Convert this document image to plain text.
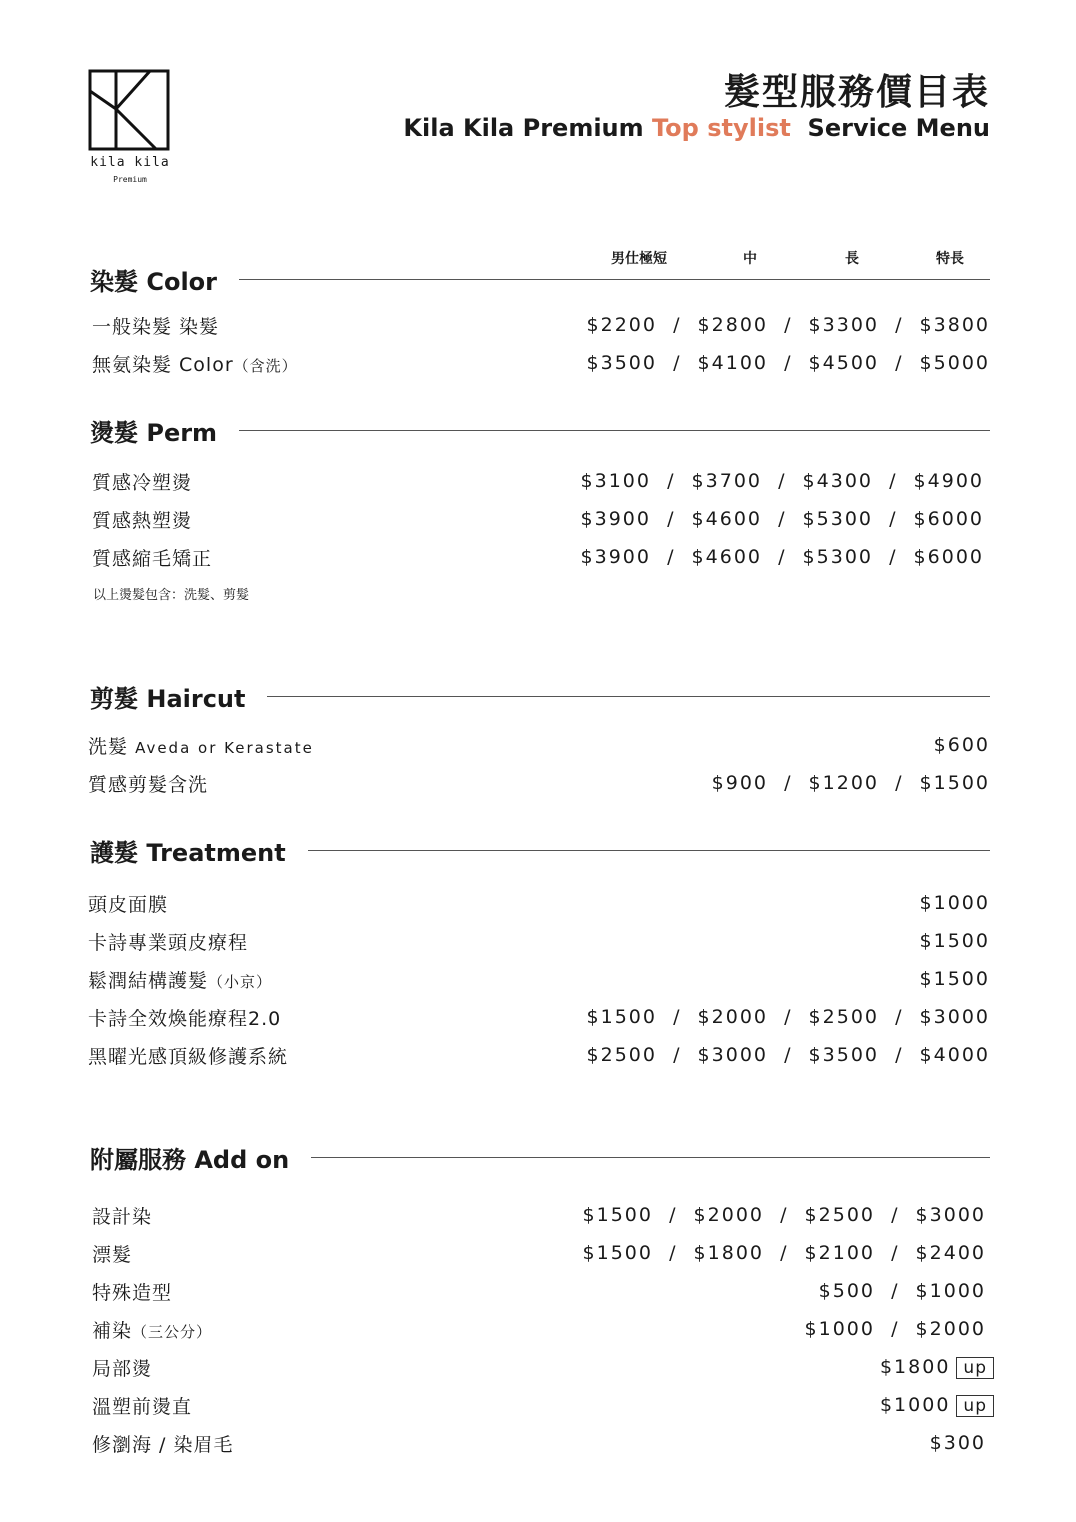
kila kila
Premium
髮型服務價目表
Kila Kila Premium Top stylist  Service Menu
男仕極短	中	長	特長
染髮 Color
一般染髮 染髮	$2200  /  $2800  /  $3300  /  $3800
無氨染髮 Color（含洗）	$3500  /  $4100  /  $4500  /  $5000
燙髮 Perm
質感冷塑燙	$3100  /  $3700  /  $4300  /  $4900
質感熱塑燙	$3900  /  $4600  /  $5300  /  $6000
質感縮毛矯正	$3900  /  $4600  /  $5300  /  $6000
以上燙髮包含：洗髮、剪髮
剪髮 Haircut
洗髮 Aveda or Kerastate	$600
質感剪髮含洗	$900  /  $1200  /  $1500
護髮 Treatment
頭皮面膜	$1000
卡詩專業頭皮療程	$1500
鬆潤結構護髮（小京）	$1500
卡詩全效煥能療程2.0	$1500  /  $2000  /  $2500  /  $3000
黑曜光感頂級修護系統	$2500  /  $3000  /  $3500  /  $4000
附屬服務 Add on
設計染	$1500  /  $2000  /  $2500  /  $3000
漂髮	$1500  /  $1800  /  $2100  /  $2400
特殊造型	$500  /  $1000
補染（三公分）	$1000  /  $2000
局部燙	$1800 up
溫塑前燙直	$1000 up
修瀏海 / 染眉毛	$300
